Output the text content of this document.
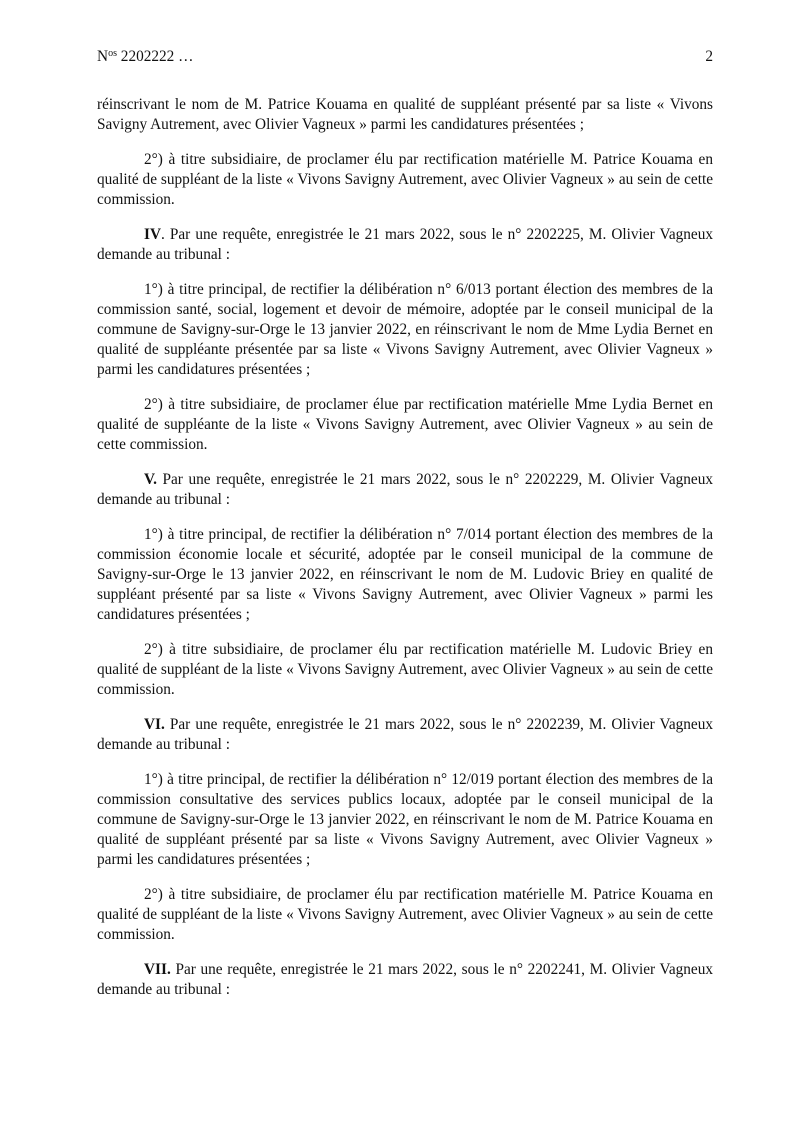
$N^{os}$ 2202222 …	2

réinscrivant le nom de M. Patrice Kouama en qualité de suppléant présenté par sa liste « Vivons Savigny Autrement, avec Olivier Vagneux » parmi les candidatures présentées ;

2°) à titre subsidiaire, de proclamer élu par rectification matérielle M. Patrice Kouama en qualité de suppléant de la liste « Vivons Savigny Autrement, avec Olivier Vagneux » au sein de cette commission.

IV. Par une requête, enregistrée le 21 mars 2022, sous le n° 2202225, M. Olivier Vagneux demande au tribunal :

1°) à titre principal, de rectifier la délibération n° 6/013 portant élection des membres de la commission santé, social, logement et devoir de mémoire, adoptée par le conseil municipal de la commune de Savigny-sur-Orge le 13 janvier 2022, en réinscrivant le nom de Mme Lydia Bernet en qualité de suppléante présentée par sa liste « Vivons Savigny Autrement, avec Olivier Vagneux » parmi les candidatures présentées ;

2°) à titre subsidiaire, de proclamer élue par rectification matérielle Mme Lydia Bernet en qualité de suppléante de la liste « Vivons Savigny Autrement, avec Olivier Vagneux » au sein de cette commission.

V. Par une requête, enregistrée le 21 mars 2022, sous le n° 2202229, M. Olivier Vagneux demande au tribunal :

1°) à titre principal, de rectifier la délibération n° 7/014 portant élection des membres de la commission économie locale et sécurité, adoptée par le conseil municipal de la commune de Savigny-sur-Orge le 13 janvier 2022, en réinscrivant le nom de M. Ludovic Briey en qualité de suppléant présenté par sa liste « Vivons Savigny Autrement, avec Olivier Vagneux » parmi les candidatures présentées ;

2°) à titre subsidiaire, de proclamer élu par rectification matérielle M. Ludovic Briey en qualité de suppléant de la liste « Vivons Savigny Autrement, avec Olivier Vagneux » au sein de cette commission.

VI. Par une requête, enregistrée le 21 mars 2022, sous le n° 2202239, M. Olivier Vagneux demande au tribunal :

1°) à titre principal, de rectifier la délibération n° 12/019 portant élection des membres de la commission consultative des services publics locaux, adoptée par le conseil municipal de la commune de Savigny-sur-Orge le 13 janvier 2022, en réinscrivant le nom de M. Patrice Kouama en qualité de suppléant présenté par sa liste « Vivons Savigny Autrement, avec Olivier Vagneux » parmi les candidatures présentées ;

2°) à titre subsidiaire, de proclamer élu par rectification matérielle M. Patrice Kouama en qualité de suppléant de la liste « Vivons Savigny Autrement, avec Olivier Vagneux » au sein de cette commission.

VII. Par une requête, enregistrée le 21 mars 2022, sous le n° 2202241, M. Olivier Vagneux demande au tribunal :
